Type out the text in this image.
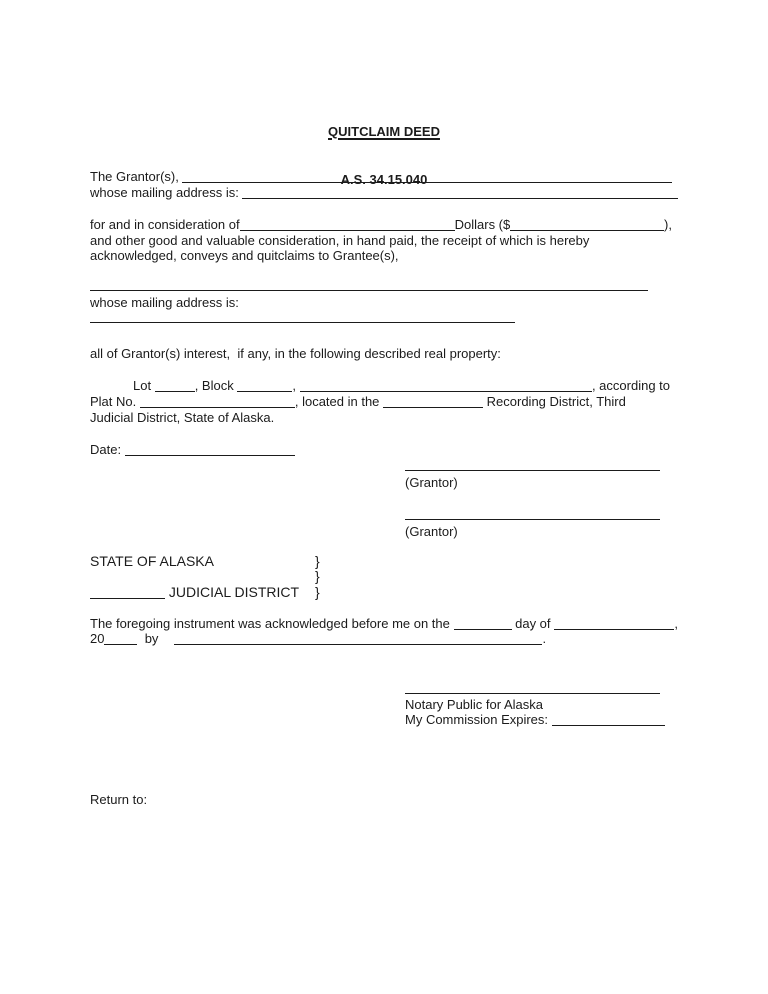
QUITCLAIM DEED

A.S. 34.15.040

The Grantor(s),
whose mailing address is:
for and in consideration of	Dollars ($	),
and other good and valuable consideration, in hand paid, the receipt of which is hereby
acknowledged, conveys and quitclaims to Grantee(s),
whose mailing address is:
all of Grantor(s) interest,  if any, in the following described real property:
Lot	, Block	,	, according to
Plat No.	, located in the	Recording District, Third
Judicial District, State of Alaska.
Date:
(Grantor)
(Grantor)
STATE OF ALASKA	}
}
JUDICIAL DISTRICT }
The foregoing instrument was acknowledged before me on the	day of	,
20	by	.
Notary Public for Alaska
My Commission Expires:
Return to:
